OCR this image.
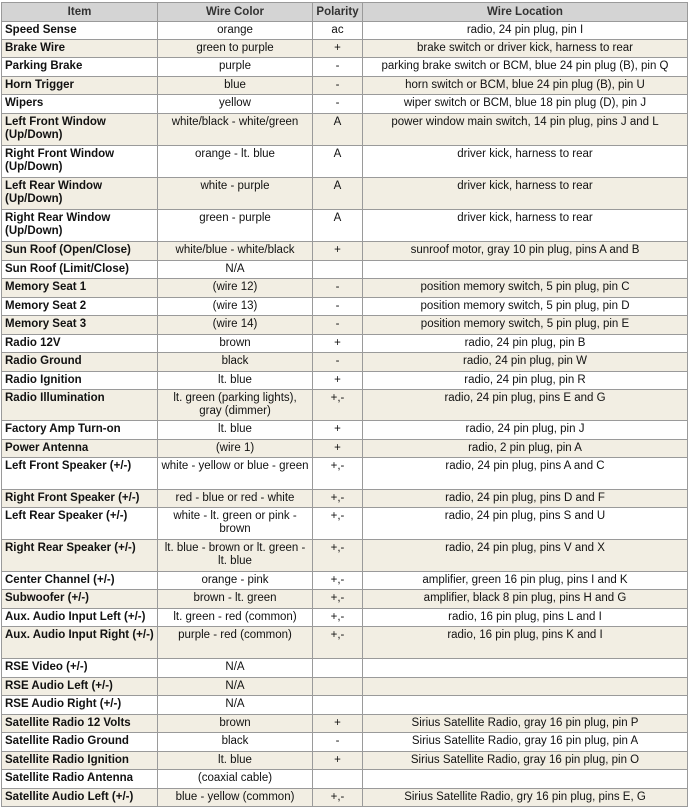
Item	Wire Color	Polarity	Wire Location
Speed Sense	orange	ac	radio, 24 pin plug, pin I
Brake Wire	green to purple	+	brake switch or driver kick, harness to rear
Parking Brake	purple	-	parking brake switch or BCM, blue 24 pin plug (B), pin Q
Horn Trigger	blue	-	horn switch or BCM, blue 24 pin plug (B), pin U
Wipers	yellow	-	wiper switch or BCM, blue 18 pin plug (D), pin J
Left Front Window (Up/Down)	white/black - white/green	A	power window main switch, 14 pin plug, pins J and L
Right Front Window (Up/Down)	orange - lt. blue	A	driver kick, harness to rear
Left Rear Window (Up/Down)	white - purple	A	driver kick, harness to rear
Right Rear Window (Up/Down)	green - purple	A	driver kick, harness to rear
Sun Roof (Open/Close)	white/blue - white/black	+	sunroof motor, gray 10 pin plug, pins A and B
Sun Roof (Limit/Close)	N/A		
Memory Seat 1	(wire 12)	-	position memory switch, 5 pin plug, pin C
Memory Seat 2	(wire 13)	-	position memory switch, 5 pin plug, pin D
Memory Seat 3	(wire 14)	-	position memory switch, 5 pin plug, pin E
Radio 12V	brown	+	radio, 24 pin plug, pin B
Radio Ground	black	-	radio, 24 pin plug, pin W
Radio Ignition	lt. blue	+	radio, 24 pin plug, pin R
Radio Illumination	lt. green (parking lights), gray (dimmer)	+,-	radio, 24 pin plug, pins E and G
Factory Amp Turn-on	lt. blue	+	radio, 24 pin plug, pin J
Power Antenna	(wire 1)	+	radio, 2 pin plug, pin A
Left Front Speaker (+/-)	white - yellow or blue - green	+,-	radio, 24 pin plug, pins A and C
Right Front Speaker (+/-)	red - blue or red - white	+,-	radio, 24 pin plug, pins D and F
Left Rear Speaker (+/-)	white - lt. green or pink - brown	+,-	radio, 24 pin plug, pins S and U
Right Rear Speaker (+/-)	lt. blue - brown or lt. green - lt. blue	+,-	radio, 24 pin plug, pins V and X
Center Channel (+/-)	orange - pink	+,-	amplifier, green 16 pin plug, pins I and K
Subwoofer (+/-)	brown - lt. green	+,-	amplifier, black 8 pin plug, pins H and G
Aux. Audio Input Left (+/-)	lt. green - red (common)	+,-	radio, 16 pin plug, pins L and I
Aux. Audio Input Right (+/-)	purple - red (common)	+,-	radio, 16 pin plug, pins K and I
RSE Video (+/-)	N/A		
RSE Audio Left (+/-)	N/A		
RSE Audio Right (+/-)	N/A		
Satellite Radio 12 Volts	brown	+	Sirius Satellite Radio, gray 16 pin plug, pin P
Satellite Radio Ground	black	-	Sirius Satellite Radio, gray 16 pin plug, pin A
Satellite Radio Ignition	lt. blue	+	Sirius Satellite Radio, gray 16 pin plug, pin O
Satellite Radio Antenna	(coaxial cable)		
Satellite Audio Left (+/-)	blue - yellow (common)	+,-	Sirius Satellite Radio, gry 16 pin plug, pins E, G
